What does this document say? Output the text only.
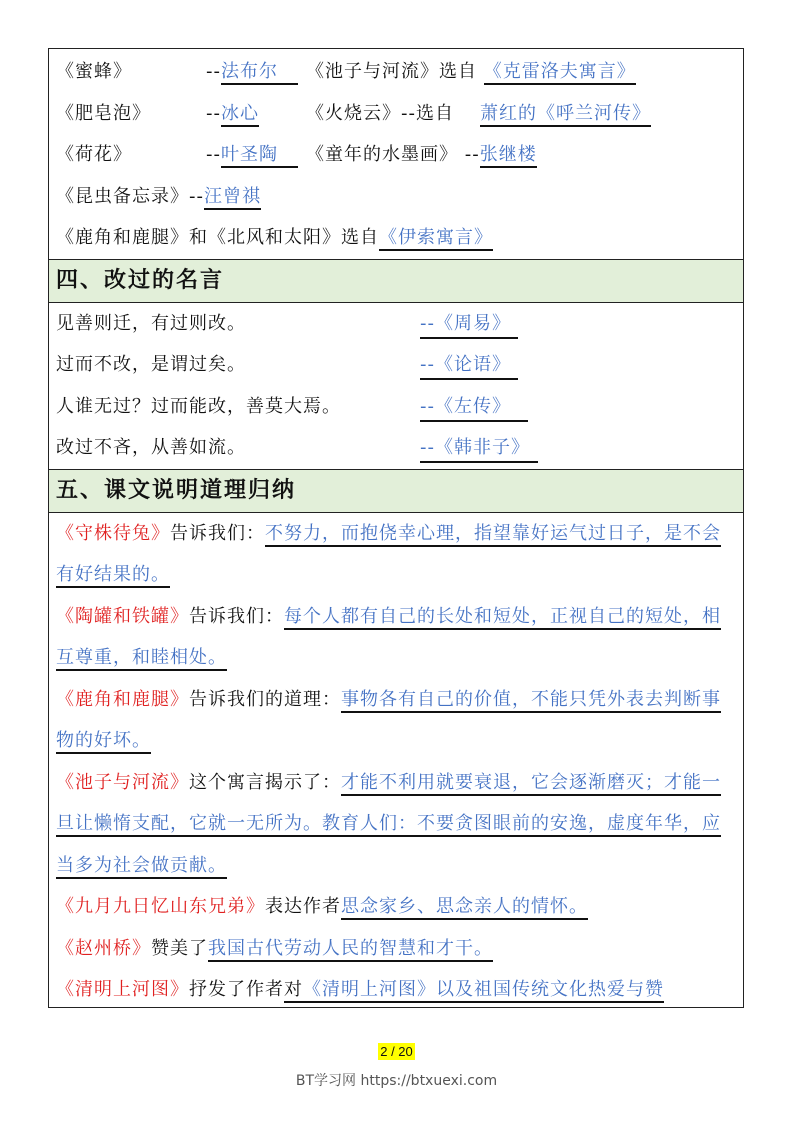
《蜜蜂》	--法布尔 《池子与河流》选自 《克雷洛夫寓言》
《肥皂泡》	--冰心	《火烧云》--选自 萧红的《呼兰河传》
《荷花》	--叶圣陶 《童年的水墨画》 --张继楼
《昆虫备忘录》--汪曾祺
《鹿角和鹿腿》和《北风和太阳》选自《伊索寓言》
四、改过的名言
见善则迁，有过则改。	--《周易》
过而不改，是谓过矣。	--《论语》
人谁无过？过而能改，善莫大焉。	--《左传》
改过不吝，从善如流。	--《韩非子》
五、课文说明道理归纳
《守株待兔》告诉我们：不努力，而抱侥幸心理，指望靠好运气过日子，是不会有好结果的。
《陶罐和铁罐》告诉我们：每个人都有自己的长处和短处，正视自己的短处，相互尊重，和睦相处。
《鹿角和鹿腿》告诉我们的道理：事物各有自己的价值，不能只凭外表去判断事物的好坏。
《池子与河流》这个寓言揭示了：才能不利用就要衰退，它会逐渐磨灭；才能一旦让懒惰支配，它就一无所为。教育人们：不要贪图眼前的安逸，虚度年华，应当多为社会做贡献。
《九月九日忆山东兄弟》表达作者思念家乡、思念亲人的情怀。
《赵州桥》赞美了我国古代劳动人民的智慧和才干。
《清明上河图》抒发了作者对《清明上河图》以及祖国传统文化热爱与赞
2 / 20
BT学习网 https://btxuexi.com
